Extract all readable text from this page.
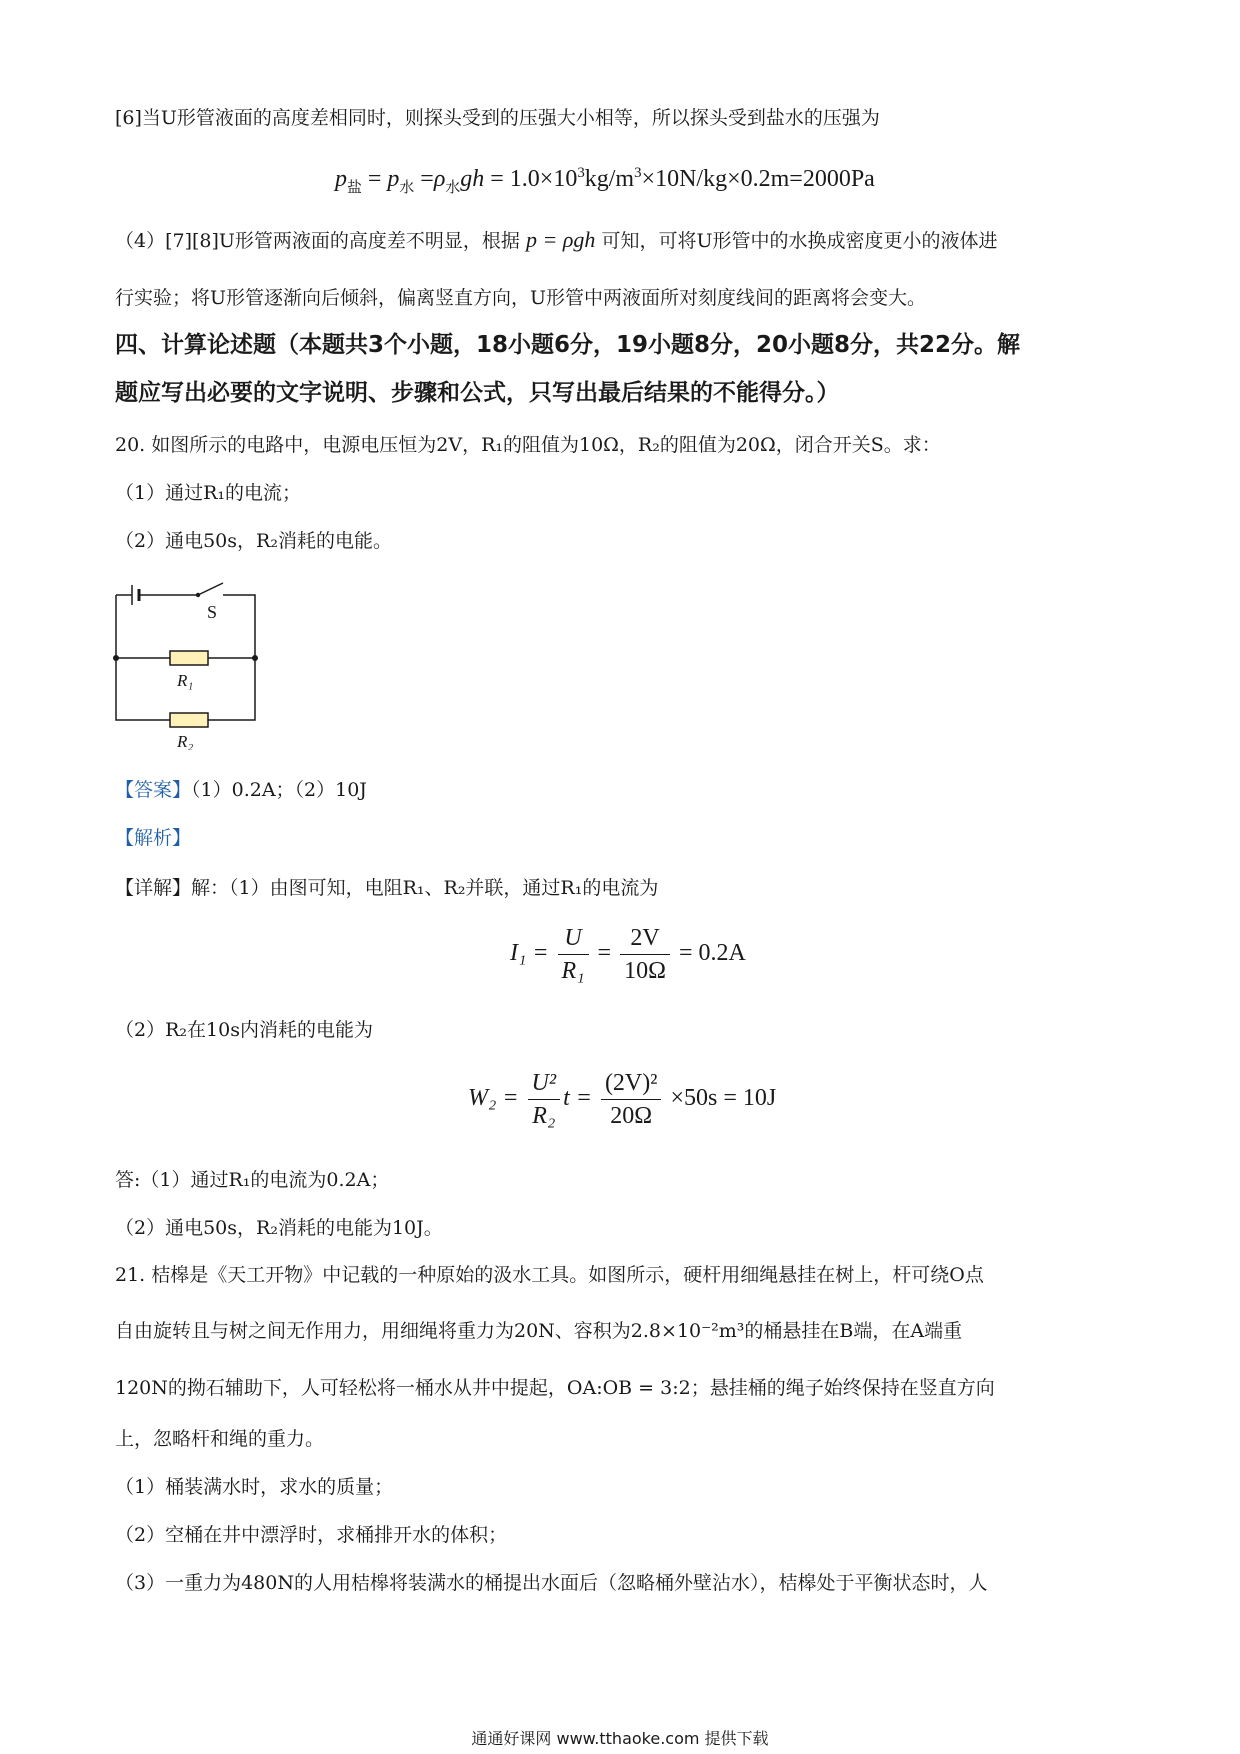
[6]当U形管液面的高度差相同时，则探头受到的压强大小相等，所以探头受到盐水的压强为
$p_盐 = p_水 =\rho_水gh = 1.0\times 10^3kg/m^3\times 10N/kg\times 0.2m=2000Pa$
（4）[7][8]U形管两液面的高度差不明显，根据 p = ρgh 可知，可将U形管中的水换成密度更小的液体进
行实验；将U形管逐渐向后倾斜，偏离竖直方向，U形管中两液面所对刻度线间的距离将会变大。
四、计算论述题（本题共3个小题，18小题6分，19小题8分，20小题8分，共22分。解
题应写出必要的文字说明、步骤和公式，只写出最后结果的不能得分。）
20. 如图所示的电路中，电源电压恒为2V，R₁的阻值为10Ω，R₂的阻值为20Ω，闭合开关S。求：
（1）通过R₁的电流；
（2）通电50s，R₂消耗的电能。
S
R₁
R₂
【答案】（1）0.2A；（2）10J
【解析】
【详解】解：（1）由图可知，电阻R₁、R₂并联，通过R₁的电流为
$I_1 = \frac{U}{\text{R₁}} = \frac{2V}{10\Omega} = 0.2A$
（2）R₂在10s内消耗的电能为
$W_2 = \frac{\text{U²}}{\text{R₂}}$ $t = \frac{\text{(2V)²}}{20\Omega} \times 50s = 10J$
答:（1）通过R₁的电流为0.2A；
（2）通电50s，R₂消耗的电能为10J。
21. 桔槔是《天工开物》中记载的一种原始的汲水工具。如图所示，硬杆用细绳悬挂在树上，杆可绕O点
自由旋转且与树之间无作用力，用细绳将重力为20N、容积为2.8×10⁻²m³的桶悬挂在B端，在A端重
120N的拗石辅助下，人可轻松将一桶水从井中提起，OA:OB = 3:2；悬挂桶的绳子始终保持在竖直方向
上，忽略杆和绳的重力。
（1）桶装满水时，求水的质量；
（2）空桶在井中漂浮时，求桶排开水的体积；
（3）一重力为480N的人用桔槔将装满水的桶提出水面后（忽略桶外壁沾水），桔槔处于平衡状态时，人
通通好课网 www.tthaoke.com 提供下载
